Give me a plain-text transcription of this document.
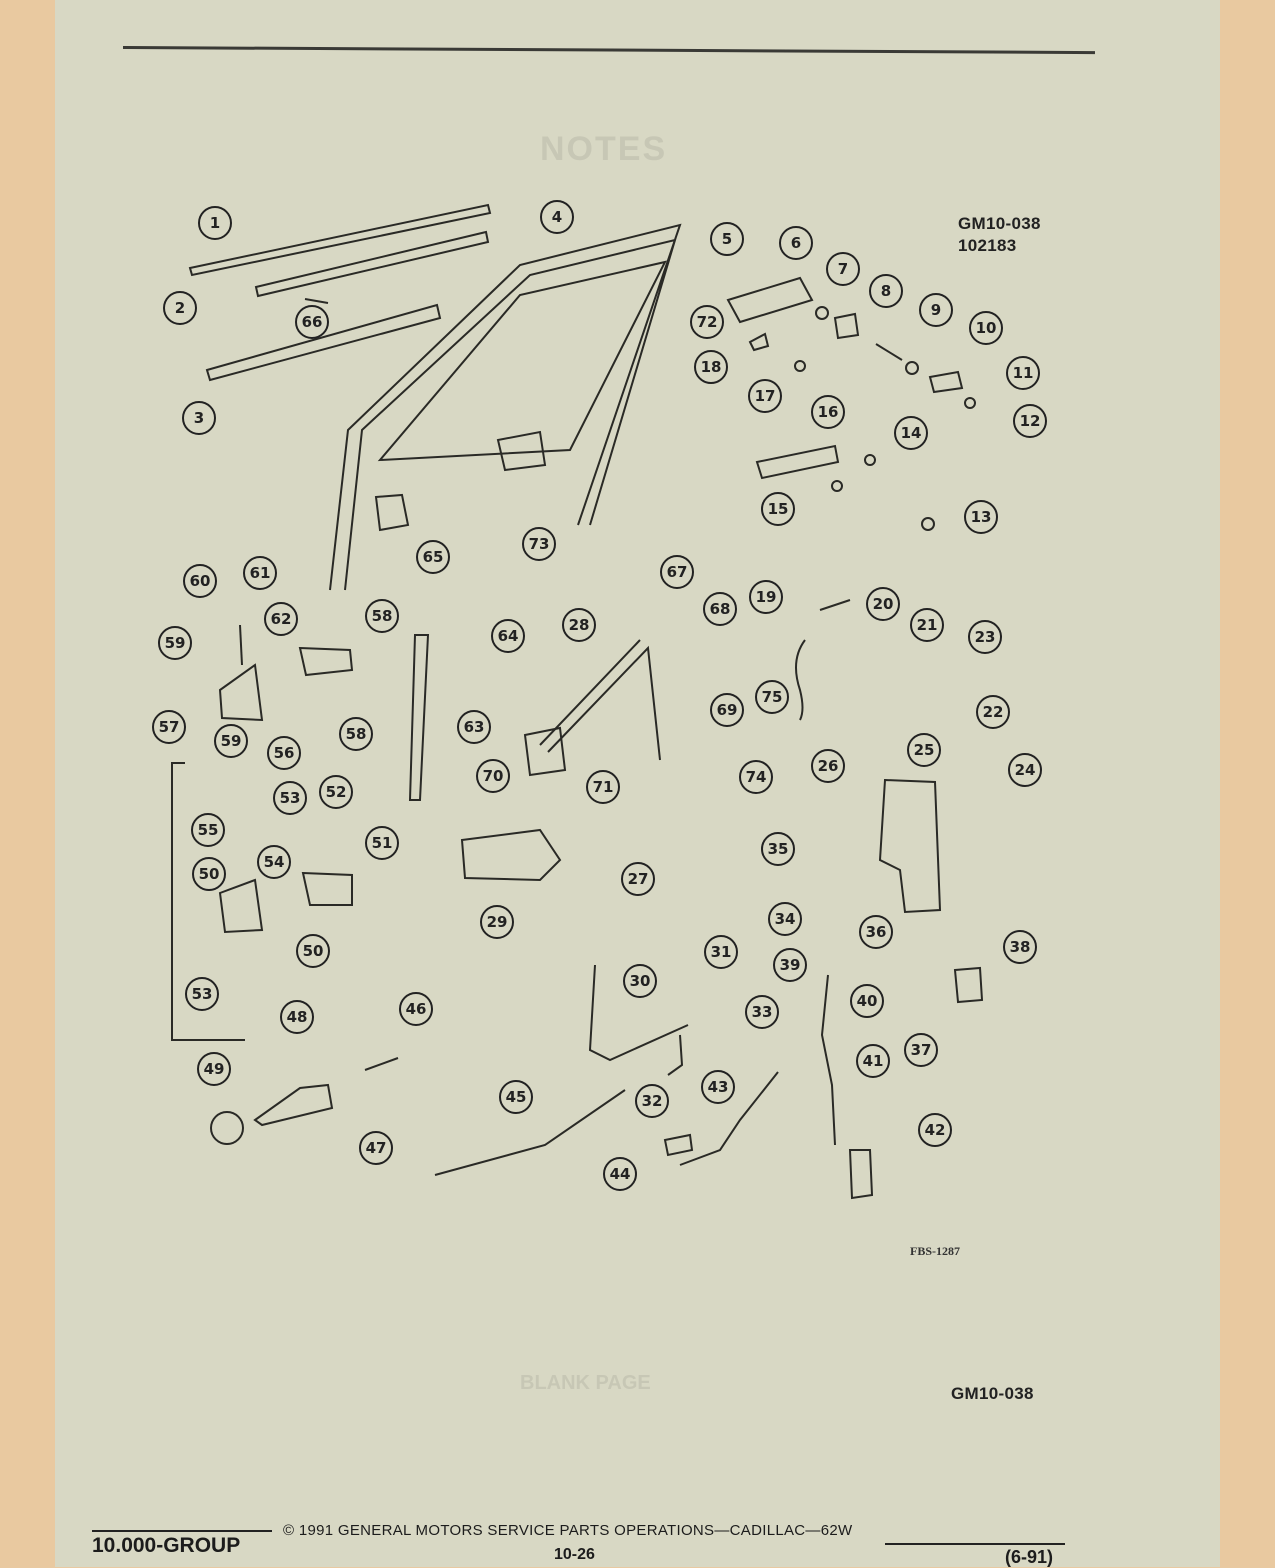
NOTES
BLANK PAGE
GM10-038
102183
1
2
3
4
5	6
7
8
9
10
11
12
13
14
15
16
17
18
19	20
21
22
23
24
25
26
27
28
29
30
31
32
33
34
35
36
37
38
39
40
41
42
43
44
45
46
47
48
49
50
50
51
52
53
53
54
55
56
57
58
58
59
59
60	61
62
63
64
65
66
67
68
69
70
71
72
73
74
75
FBS-1287
GM10-038
10.000-GROUP
© 1991 GENERAL MOTORS SERVICE PARTS OPERATIONS—CADILLAC—62W
10-26	(6-91)
